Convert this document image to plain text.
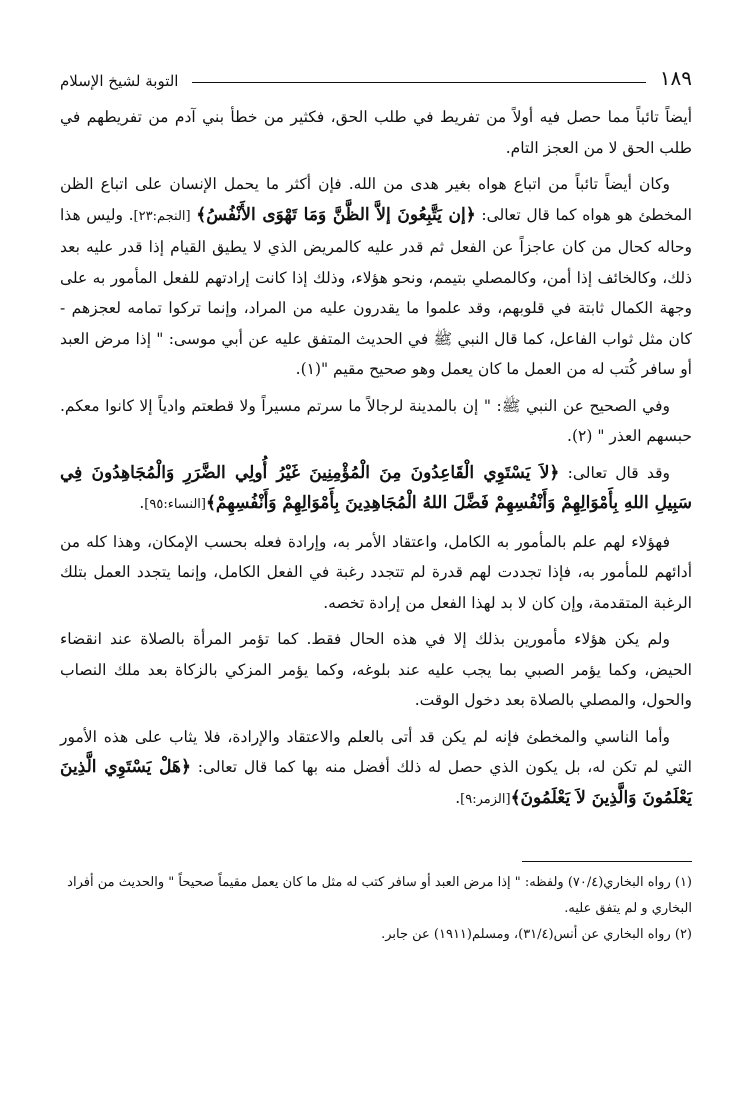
١٨٩
التوبة لشيخ الإسلام

أيضاً تائباً مما حصل فيه أولاً من تفريط في طلب الحق، فكثير من خطأ بني آدم من تفريطهم في طلب الحق لا من العجز التام.

وكان أيضاً تائباً من اتباع هواه بغير هدى من الله. فإن أكثر ما يحمل الإنسان على اتباع الظن المخطئ هو هواه كما قال تعالى: ﴿إن يَتَّبِعُونَ إلاَّ الظَّنَّ وَمَا تَهْوَى الأَنْفُسُ﴾ [النجم:٢٣]. وليس هذا وحاله كحال من كان عاجزاً عن الفعل ثم قدر عليه كالمريض الذي لا يطيق القيام إذا قدر عليه بعد ذلك، وكالخائف إذا أمن، وكالمصلي بتيمم، ونحو هؤلاء، وذلك إذا كانت إرادتهم للفعل المأمور به على وجهة الكمال ثابتة في قلوبهم، وقد علموا ما يقدرون عليه من المراد، وإنما تركوا تمامه لعجزهم - كان مثل ثواب الفاعل، كما قال النبي ﷺ في الحديث المتفق عليه عن أبي موسى: " إذا مرض العبد أو سافر كُتب له من العمل ما كان يعمل وهو صحيح مقيم "(١).

وفي الصحيح عن النبي ﷺ: " إن بالمدينة لرجالاً ما سرتم مسيراً ولا قطعتم وادياً إلا كانوا معكم. حبسهم العذر " (٢).

وقد قال تعالى: ﴿لاَ يَسْتَوِي الْقَاعِدُونَ مِنَ الْمُؤْمِنِينَ غَيْرُ أُولِي الضَّرَرِ وَالْمُجَاهِدُونَ فِي سَبِيلِ اللهِ بِأَمْوَالِهِمْ وَأَنْفُسِهِمْ فَضَّلَ اللهُ الْمُجَاهِدِينَ بِأَمْوَالِهِمْ وَأَنْفُسِهِمْ﴾[النساء:٩٥].

فهؤلاء لهم علم بالمأمور به الكامل، واعتقاد الأمر به، وإرادة فعله بحسب الإمكان، وهذا كله من أدائهم للمأمور به، فإذا تجددت لهم قدرة لم تتجدد رغبة في الفعل الكامل، وإنما يتجدد العمل بتلك الرغبة المتقدمة، وإن كان لا بد لهذا الفعل من إرادة تخصه.

ولم يكن هؤلاء مأمورين بذلك إلا في هذه الحال فقط. كما تؤمر المرأة بالصلاة عند انقضاء الحيض، وكما يؤمر الصبي بما يجب عليه عند بلوغه، وكما يؤمر المزكي بالزكاة بعد ملك النصاب والحول، والمصلي بالصلاة بعد دخول الوقت.

وأما الناسي والمخطئ فإنه لم يكن قد أتى بالعلم والاعتقاد والإرادة، فلا يثاب على هذه الأمور التي لم تكن له، بل يكون الذي حصل له ذلك أفضل منه بها كما قال تعالى: ﴿هَلْ يَسْتَوِي الَّذِينَ يَعْلَمُونَ وَالَّذِينَ لاَ يَعْلَمُونَ﴾[الزمر:٩].

(١) رواه البخاري(٧٠/٤) ولفظه: " إذا مرض العبد أو سافر كتب له مثل ما كان يعمل مقيماً صحيحاً " والحديث من أفراد البخاري و لم يتفق عليه.

(٢) رواه البخاري عن أنس(٣١/٤)، ومسلم(١٩١١) عن جابر.
